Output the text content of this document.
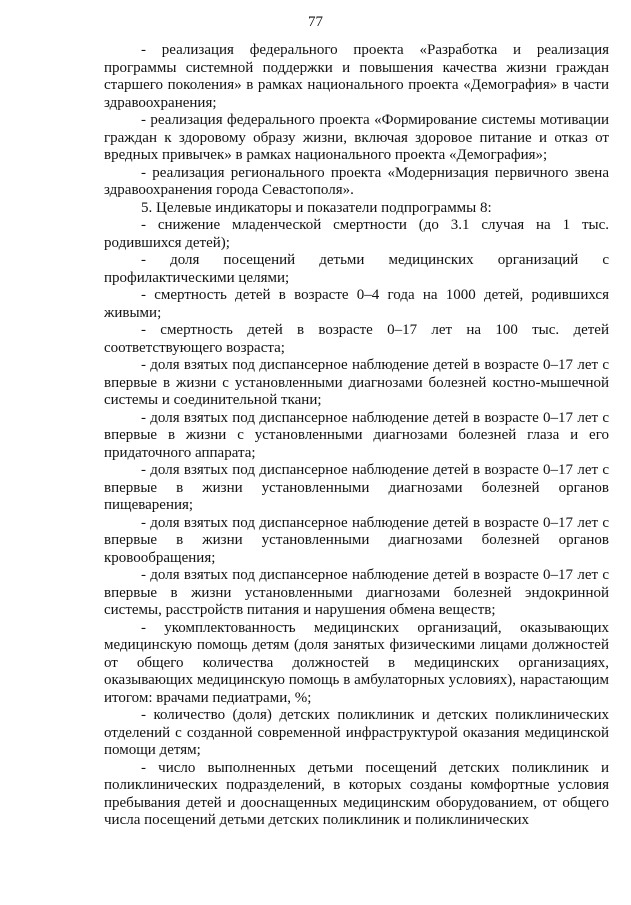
77

- реализация федерального проекта «Разработка и реализация программы системной поддержки и повышения качества жизни граждан старшего поколения» в рамках национального проекта «Демография» в части здравоохранения;

- реализация федерального проекта «Формирование системы мотивации граждан к здоровому образу жизни, включая здоровое питание и отказ от вредных привычек» в рамках национального проекта «Демография»;

- реализация регионального проекта «Модернизация первичного звена здравоохранения города Севастополя».

5. Целевые индикаторы и показатели подпрограммы 8:

- снижение младенческой смертности (до 3.1 случая на 1 тыс. родившихся детей);

- доля посещений детьми медицинских организаций с профилактическими целями;

- смертность детей в возрасте 0–4 года на 1000 детей, родившихся живыми;

- смертность детей в возрасте 0–17 лет на 100 тыс. детей соответствующего возраста;

- доля взятых под диспансерное наблюдение детей в возрасте 0–17 лет с впервые в жизни с установленными диагнозами болезней костно-мышечной системы и соединительной ткани;

- доля взятых под диспансерное наблюдение детей в возрасте 0–17 лет с впервые в жизни с установленными диагнозами болезней глаза и его придаточного аппарата;

- доля взятых под диспансерное наблюдение детей в возрасте 0–17 лет с впервые в жизни установленными диагнозами болезней органов пищеварения;

- доля взятых под диспансерное наблюдение детей в возрасте 0–17 лет с впервые в жизни установленными диагнозами болезней органов кровообращения;

- доля взятых под диспансерное наблюдение детей в возрасте 0–17 лет с впервые в жизни установленными диагнозами болезней эндокринной системы, расстройств питания и нарушения обмена веществ;

- укомплектованность медицинских организаций, оказывающих медицинскую помощь детям (доля занятых физическими лицами должностей от общего количества должностей в медицинских организациях, оказывающих медицинскую помощь в амбулаторных условиях), нарастающим итогом: врачами педиатрами, %;

- количество (доля) детских поликлиник и детских поликлинических отделений с созданной современной инфраструктурой оказания медицинской помощи детям;

- число выполненных детьми посещений детских поликлиник и поликлинических подразделений, в которых созданы комфортные условия пребывания детей и дооснащенных медицинским оборудованием, от общего числа посещений детьми детских поликлиник и поликлинических
